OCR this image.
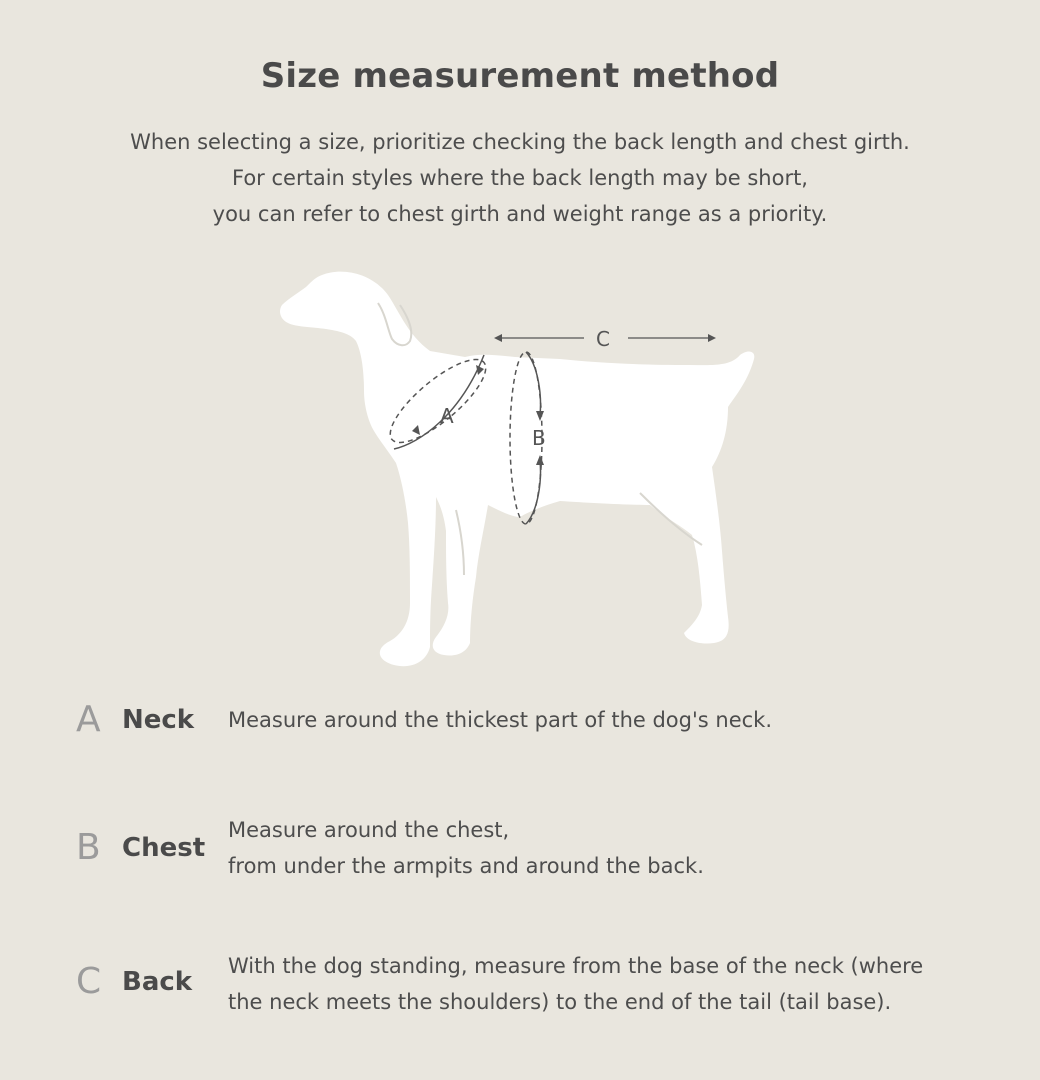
Size measurement method
When selecting a size, prioritize checking the back length and chest girth.
For certain styles where the back length may be short,
you can refer to chest girth and weight range as a priority.
A
B
C
A Neck Measure around the thickest part of the dog's neck.
B Chest
Measure around the chest,
from under the armpits and around the back.
C Back
With the dog standing, measure from the base of the neck (where
the neck meets the shoulders) to the end of the tail (tail base).
